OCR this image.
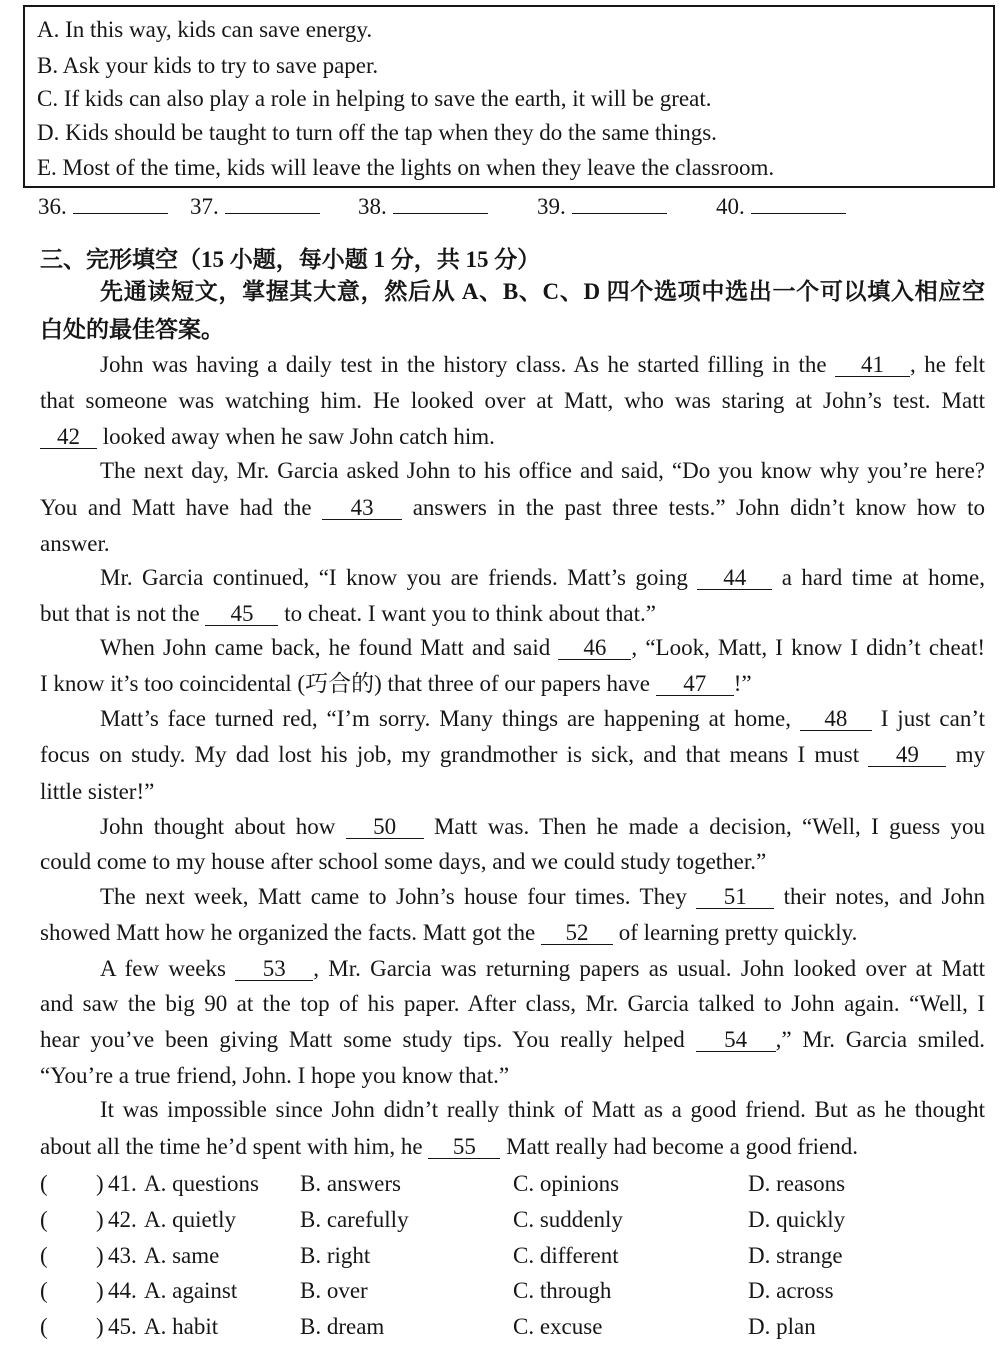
A. In this way, kids can save energy.
B. Ask your kids to try to save paper.
C. If kids can also play a role in helping to save the earth, it will be great.
D. Kids should be taught to turn off the tap when they do the same things.
E. Most of the time, kids will leave the lights on when they leave the classroom.
36.	37.	38.	39.	40.
三、完形填空（15 小题，每小题 1 分，共 15 分）
先通读短文，掌握其大意，然后从 A、B、C、D 四个选项中选出一个可以填入相应空
白处的最佳答案。
John was having a daily test in the history class. As he started filling in the 41 , he felt
that someone was watching him. He looked over at Matt, who was staring at John’s test. Matt
42 looked away when he saw John catch him.
The next day, Mr. Garcia asked John to his office and said, “Do you know why you’re here?
You and Matt have had the 43 answers in the past three tests.” John didn’t know how to
answer.
Mr. Garcia continued, “I know you are friends. Matt’s going 44 a hard time at home,
but that is not the 45 to cheat. I want you to think about that.”
When John came back, he found Matt and said 46 , “Look, Matt, I know I didn’t cheat!
I know it’s too coincidental (巧合的) that three of our papers have 47 !”
Matt’s face turned red, “I’m sorry. Many things are happening at home, 48 I just can’t
focus on study. My dad lost his job, my grandmother is sick, and that means I must 49 my
little sister!”
John thought about how 50 Matt was. Then he made a decision, “Well, I guess you
could come to my house after school some days, and we could study together.”
The next week, Matt came to John’s house four times. They 51 their notes, and John
showed Matt how he organized the facts. Matt got the 52 of learning pretty quickly.
A few weeks 53 , Mr. Garcia was returning papers as usual. John looked over at Matt
and saw the big 90 at the top of his paper. After class, Mr. Garcia talked to John again. “Well, I
hear you’ve been giving Matt some study tips. You really helped 54 ,” Mr. Garcia smiled.
“You’re a true friend, John. I hope you know that.”
It was impossible since John didn’t really think of Matt as a good friend. But as he thought
about all the time he’d spent with him, he 55 Matt really had become a good friend.
( ) 41. A. questions B. answers	C. opinions	D. reasons
( ) 42. A. quietly	B. carefully	C. suddenly	D. quickly
( ) 43. A. same	B. right	C. different	D. strange
( ) 44. A. against	B. over	C. through	D. across
( ) 45. A. habit	B. dream	C. excuse	D. plan
